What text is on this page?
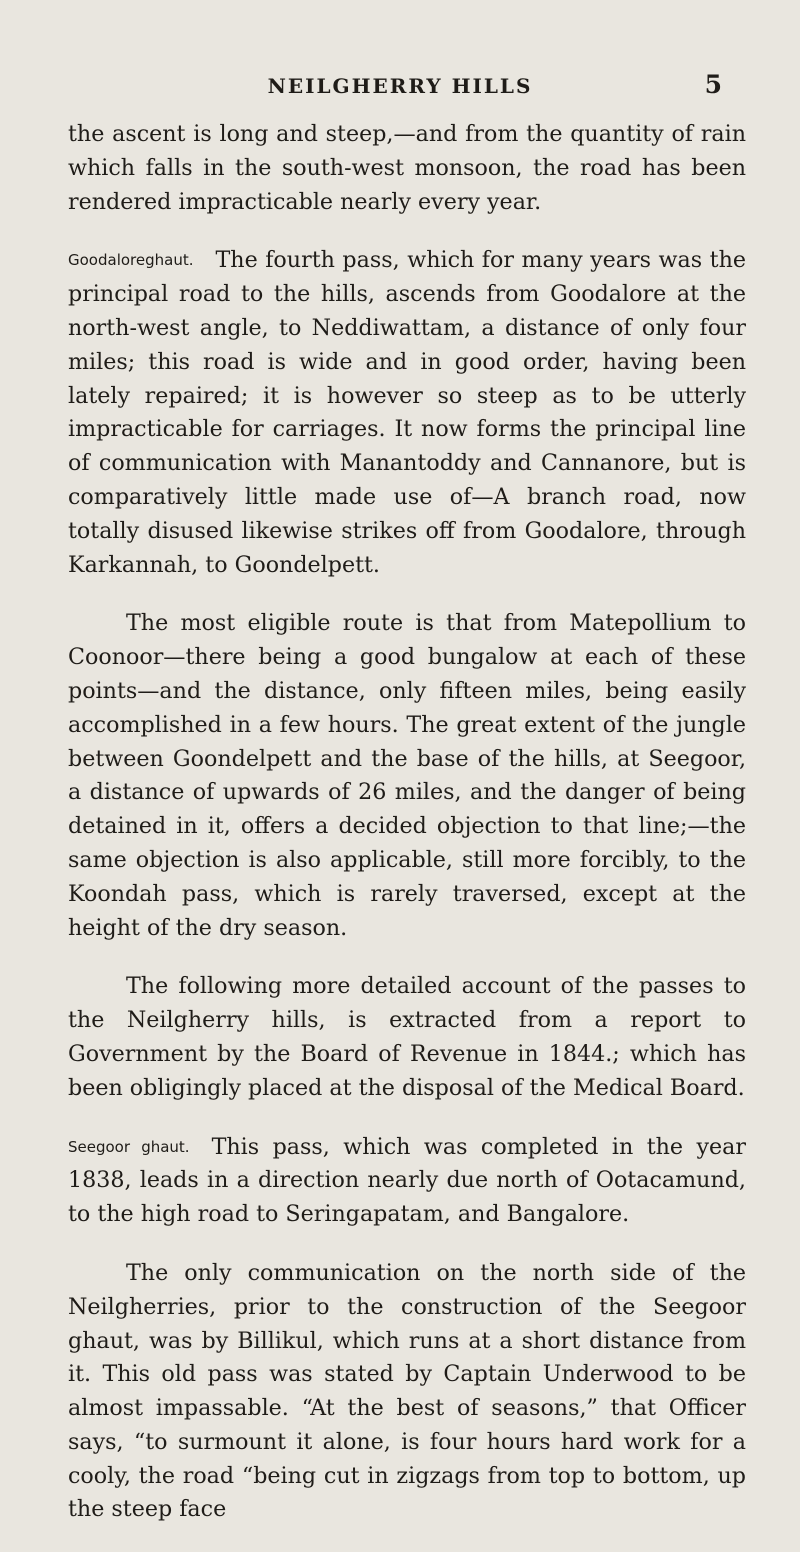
NEILGHERRY HILLS	5

the ascent is long and steep,—and from the quantity of rain which falls in the south-west monsoon, the road has been rendered impracticable nearly every year.

Goodaloreghaut. The fourth pass, which for many years was the principal road to the hills, ascends from Goodalore at the north-west angle, to Neddiwattam, a distance of only four miles; this road is wide and in good order, having been lately repaired; it is however so steep as to be utterly impracticable for carriages. It now forms the principal line of communication with Manantoddy and Cannanore, but is comparatively little made use of—A branch road, now totally disused likewise strikes off from Goodalore, through Karkannah, to Goondelpett.

The most eligible route is that from Matepollium to Coonoor—there being a good bungalow at each of these points—and the distance, only fifteen miles, being easily accomplished in a few hours. The great extent of the jungle between Goondelpett and the base of the hills, at Seegoor, a distance of upwards of 26 miles, and the danger of being detained in it, offers a decided objection to that line;—the same objection is also applicable, still more forcibly, to the Koondah pass, which is rarely traversed, except at the height of the dry season.

The following more detailed account of the passes to the Neilgherry hills, is extracted from a report to Government by the Board of Revenue in 1844.; which has been obligingly placed at the disposal of the Medical Board.

Seegoor ghaut. This pass, which was completed in the year 1838, leads in a direction nearly due north of Ootacamund, to the high road to Seringapatam, and Bangalore.

The only communication on the north side of the Neilgherries, prior to the construction of the Seegoor ghaut, was by Billikul, which runs at a short distance from it. This old pass was stated by Captain Underwood to be almost impassable. “At the best of seasons,” that Officer says, “to surmount it alone, is four hours hard work for a cooly, the road “being cut in zigzags from top to bottom, up the steep face
